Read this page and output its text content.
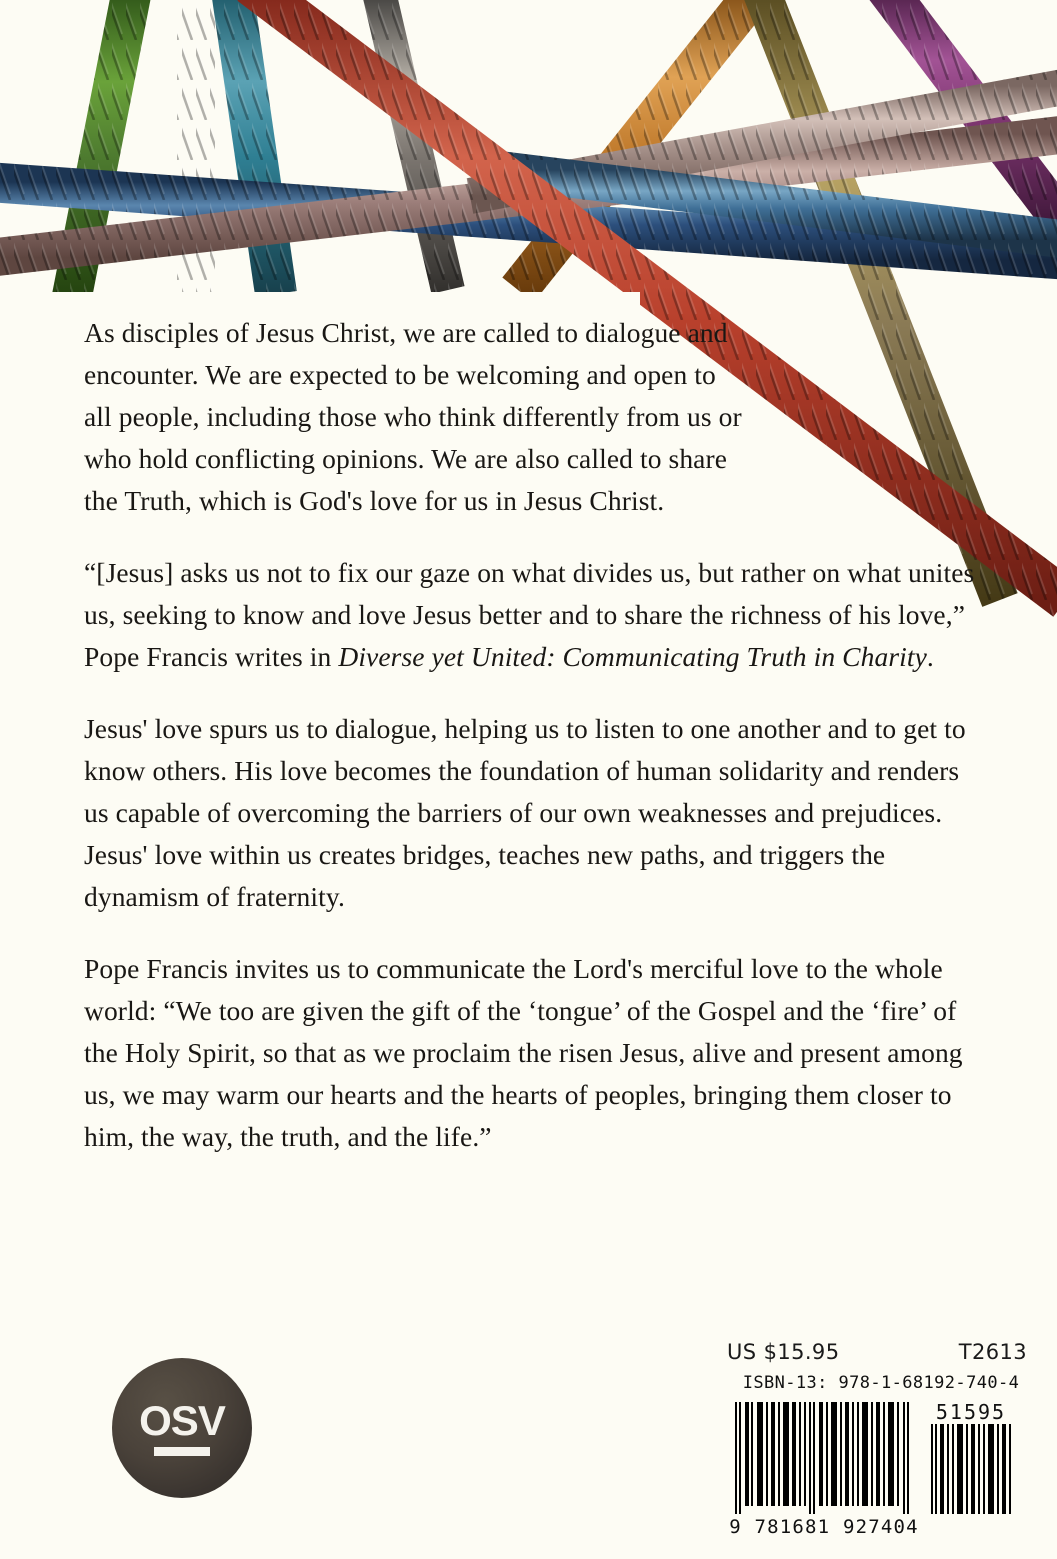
As disciples of Jesus Christ, we are called to dialogue and encounter. We are expected to be welcoming and open to all people, including those who think differently from us or who hold conflicting opinions. We are also called to share the Truth, which is God's love for us in Jesus Christ.

“[Jesus] asks us not to fix our gaze on what divides us, but rather on what unites us, seeking to know and love Jesus better and to share the richness of his love,” Pope Francis writes in Diverse yet United: Communicating Truth in Charity.

Jesus' love spurs us to dialogue, helping us to listen to one another and to get to know others. His love becomes the foundation of human solidarity and renders us capable of overcoming the barriers of our own weaknesses and prejudices. Jesus' love within us creates bridges, teaches new paths, and triggers the dynamism of fraternity.

Pope Francis invites us to communicate the Lord's merciful love to the whole world: “We too are given the gift of the ‘tongue’ of the Gospel and the ‘fire’ of the Holy Spirit, so that as we proclaim the risen Jesus, alive and present among us, we may warm our hearts and the hearts of peoples, bringing them closer to him, the way, the truth, and the life.”

OSV
US $15.95	T2613
ISBN-13: 978-1-68192-740-4
9 781681 927404
51595
